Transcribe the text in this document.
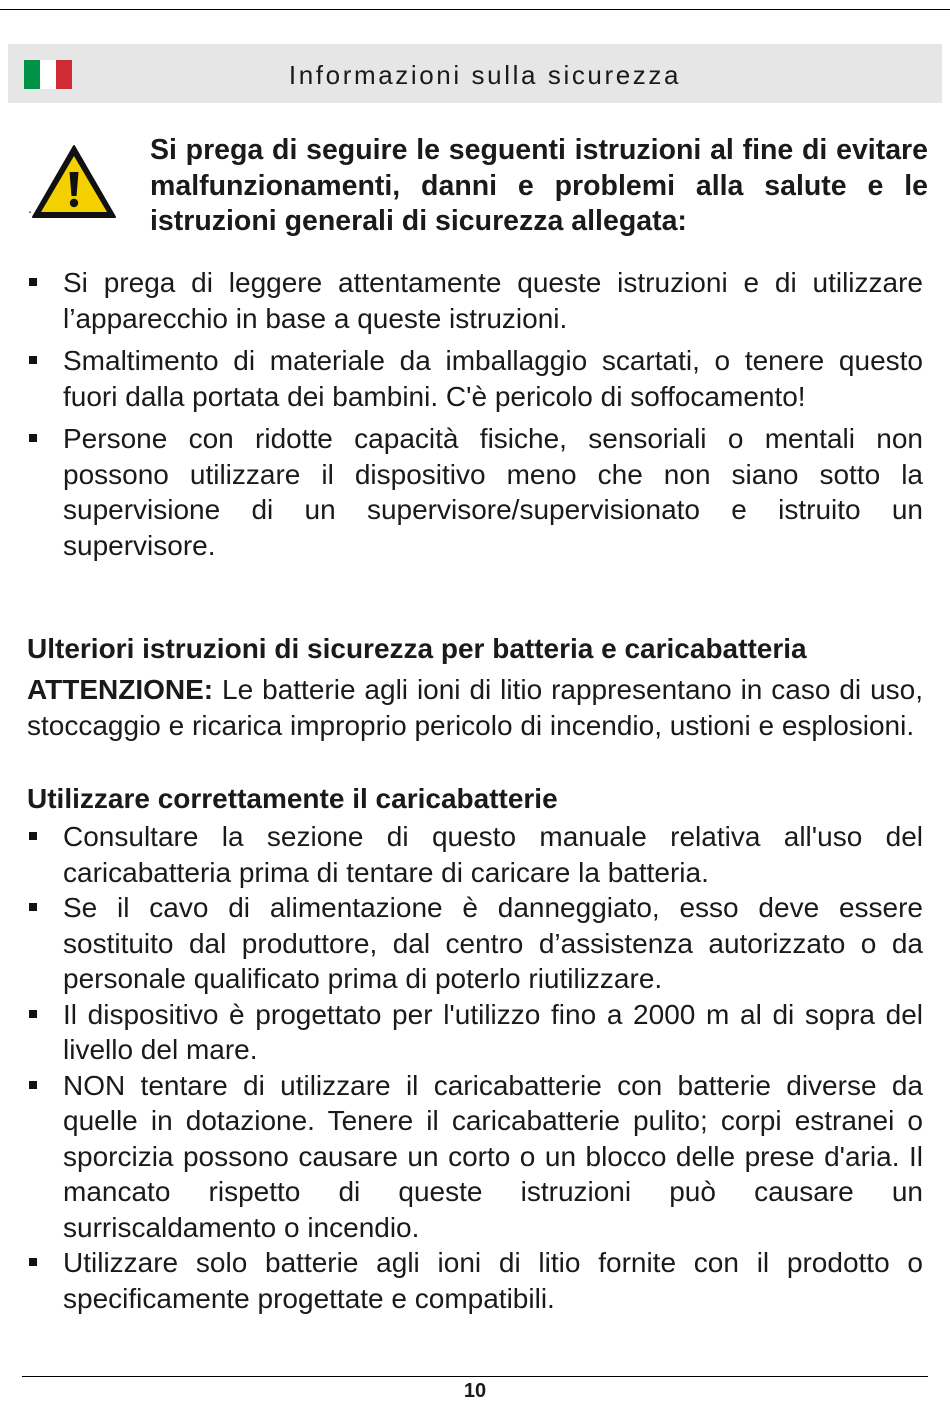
Informazioni sulla sicurezza
.
Si prega di seguire le seguenti istruzioni al fine di evitare malfunzionamenti, danni e problemi alla salute e le istruzioni generali di sicurezza allegata:
Si prega di leggere attentamente queste istruzioni e di utilizzare l’apparecchio in base a queste istruzioni.
Smaltimento di materiale da imballaggio scartati, o tenere questo fuori dalla portata dei bambini. C'è pericolo di soffocamento!
Persone con ridotte capacità fisiche, sensoriali o mentali non possono utilizzare il dispositivo meno che non siano sotto la supervisione di un supervisore/supervisionato e istruito un supervisore.
Ulteriori istruzioni di sicurezza per batteria e caricabatteria
ATTENZIONE: Le batterie agli ioni di litio rappresentano in caso di uso, stoccaggio e ricarica improprio pericolo di incendio, ustioni e esplosioni.
Utilizzare correttamente il caricabatterie
Consultare la sezione di questo manuale relativa all'uso del caricabatteria prima di tentare di caricare la batteria.
Se il cavo di alimentazione è danneggiato, esso deve essere sostituito dal produttore, dal centro d’assistenza autorizzato o da personale qualificato prima di poterlo riutilizzare.
Il dispositivo è progettato per l'utilizzo fino a 2000 m al di sopra del livello del mare.
NON tentare di utilizzare il caricabatterie con batterie diverse da quelle in dotazione. Tenere il caricabatterie pulito; corpi estranei o sporcizia possono causare un corto o un blocco delle prese d'aria. Il mancato rispetto di queste istruzioni può causare un surriscaldamento o incendio.
Utilizzare solo batterie agli ioni di litio fornite con il prodotto o specificamente progettate e compatibili.
10
